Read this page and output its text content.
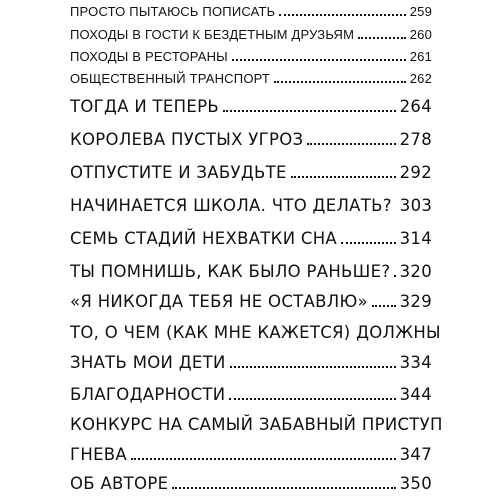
ПРОСТО ПЫТАЮСЬ ПОПИСАТЬ	259
ПОХОДЫ В ГОСТИ К БЕЗДЕТНЫМ ДРУЗЬЯМ	260
ПОХОДЫ В РЕСТОРАНЫ	261
ОБЩЕСТВЕННЫЙ ТРАНСПОРТ	262
ТОГДА И ТЕПЕРЬ	264
КОРОЛЕВА ПУСТЫХ УГРОЗ	278
ОТПУСТИТЕ И ЗАБУДЬТЕ	292
НАЧИНАЕТСЯ ШКОЛА. ЧТО ДЕЛАТЬ? 303
СЕМЬ СТАДИЙ НЕХВАТКИ СНА	314
ТЫ ПОМНИШЬ, КАК БЫЛО РАНЬШЕ? 320
«Я НИКОГДА ТЕБЯ НЕ ОСТАВЛЮ» 329
ТО, О ЧЕМ (КАК МНЕ КАЖЕТСЯ) ДОЛЖНЫ
ЗНАТЬ МОИ ДЕТИ	334
БЛАГОДАРНОСТИ	344
КОНКУРС НА САМЫЙ ЗАБАВНЫЙ ПРИСТУП
ГНЕВА	347
ОБ АВТОРЕ	350
